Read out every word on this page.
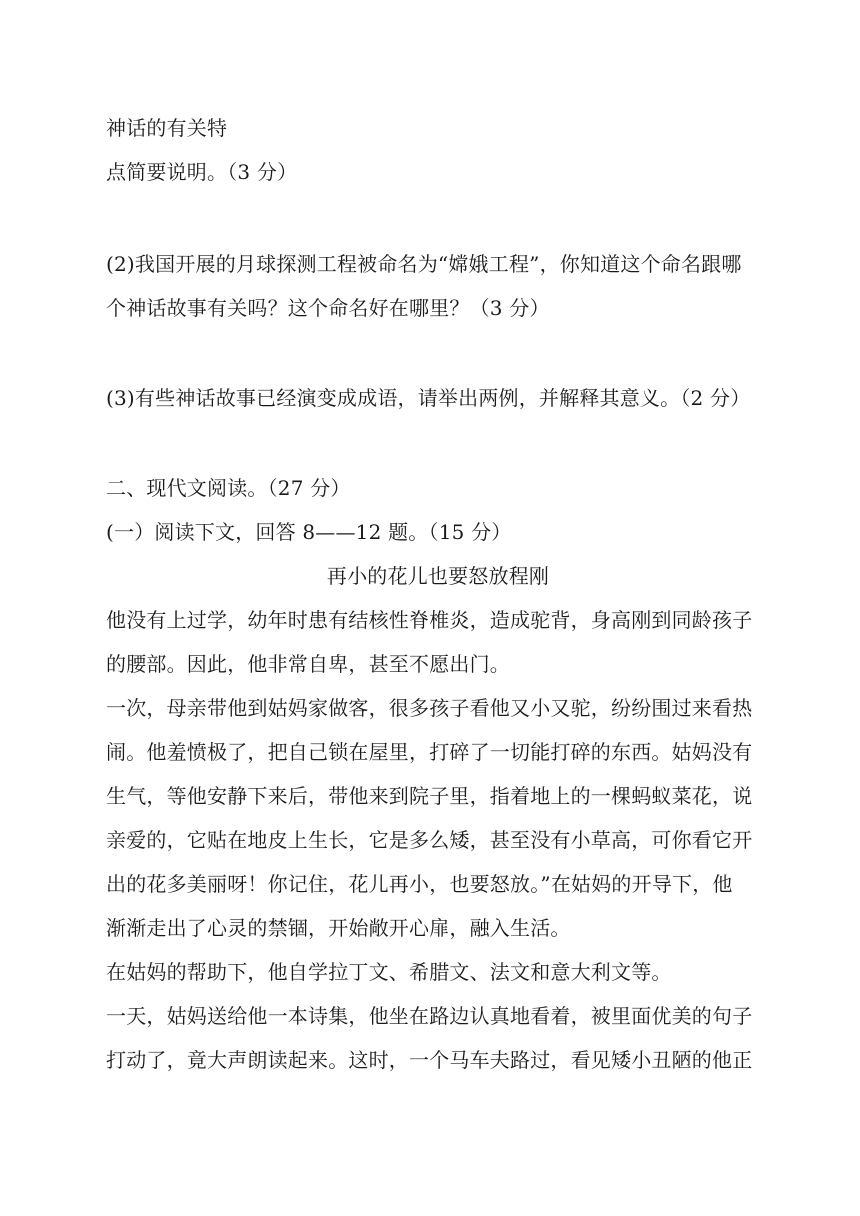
神话的有关特
点简要说明。（3 分）
(2)我国开展的月球探测工程被命名为“嫦娥工程”，你知道这个命名跟哪
个神话故事有关吗？这个命名好在哪里？（3 分）
(3)有些神话故事已经演变成成语，请举出两例，并解释其意义。（2 分）
二、现代文阅读。（27 分）
(一）阅读下文，回答 8——12 题。（15 分）
再小的花儿也要怒放程刚
他没有上过学，幼年时患有结核性脊椎炎，造成驼背，身高刚到同龄孩子
的腰部。因此，他非常自卑，甚至不愿出门。
一次，母亲带他到姑妈家做客，很多孩子看他又小又驼，纷纷围过来看热
闹。他羞愤极了，把自己锁在屋里，打碎了一切能打碎的东西。姑妈没有
生气，等他安静下来后，带他来到院子里，指着地上的一棵蚂蚁菜花，说
亲爱的，它贴在地皮上生长，它是多么矮，甚至没有小草高，可你看它开
出的花多美丽呀！你记住，花儿再小，也要怒放。”在姑妈的开导下，他
渐渐走出了心灵的禁锢，开始敞开心扉，融入生活。
在姑妈的帮助下，他自学拉丁文、希腊文、法文和意大利文等。
一天，姑妈送给他一本诗集，他坐在路边认真地看着，被里面优美的句子
打动了，竟大声朗读起来。这时，一个马车夫路过，看见矮小丑陋的他正
